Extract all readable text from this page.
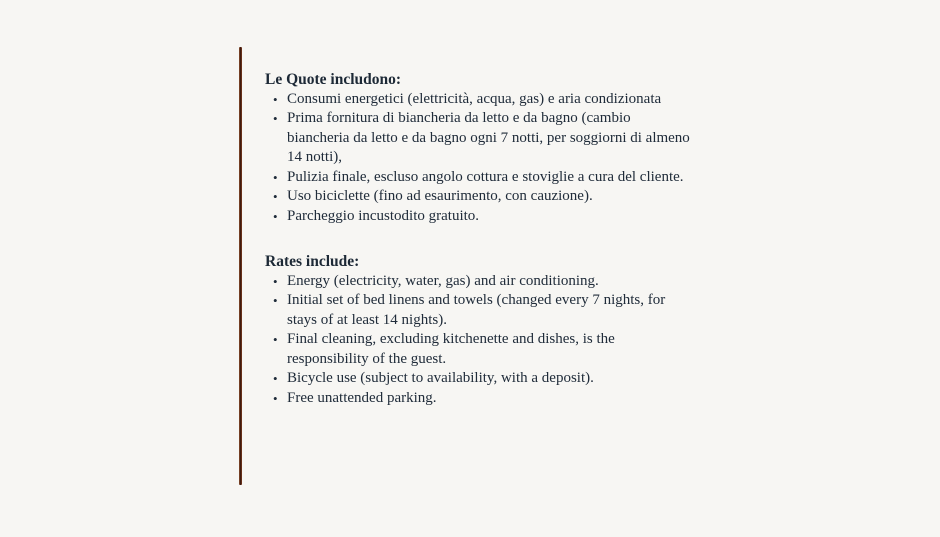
Le Quote includono:
• Consumi energetici (elettricità, acqua, gas) e aria condizionata
• Prima fornitura di biancheria da letto e da bagno (cambio biancheria da letto e da bagno ogni 7 notti, per soggiorni di almeno 14 notti),
• Pulizia finale, escluso angolo cottura e stoviglie a cura del cliente.
• Uso biciclette (fino ad esaurimento, con cauzione).
• Parcheggio incustodito gratuito.
Rates include:
• Energy (electricity, water, gas) and air conditioning.
• Initial set of bed linens and towels (changed every 7 nights, for stays of at least 14 nights).
• Final cleaning, excluding kitchenette and dishes, is the responsibility of the guest.
• Bicycle use (subject to availability, with a deposit).
• Free unattended parking.
